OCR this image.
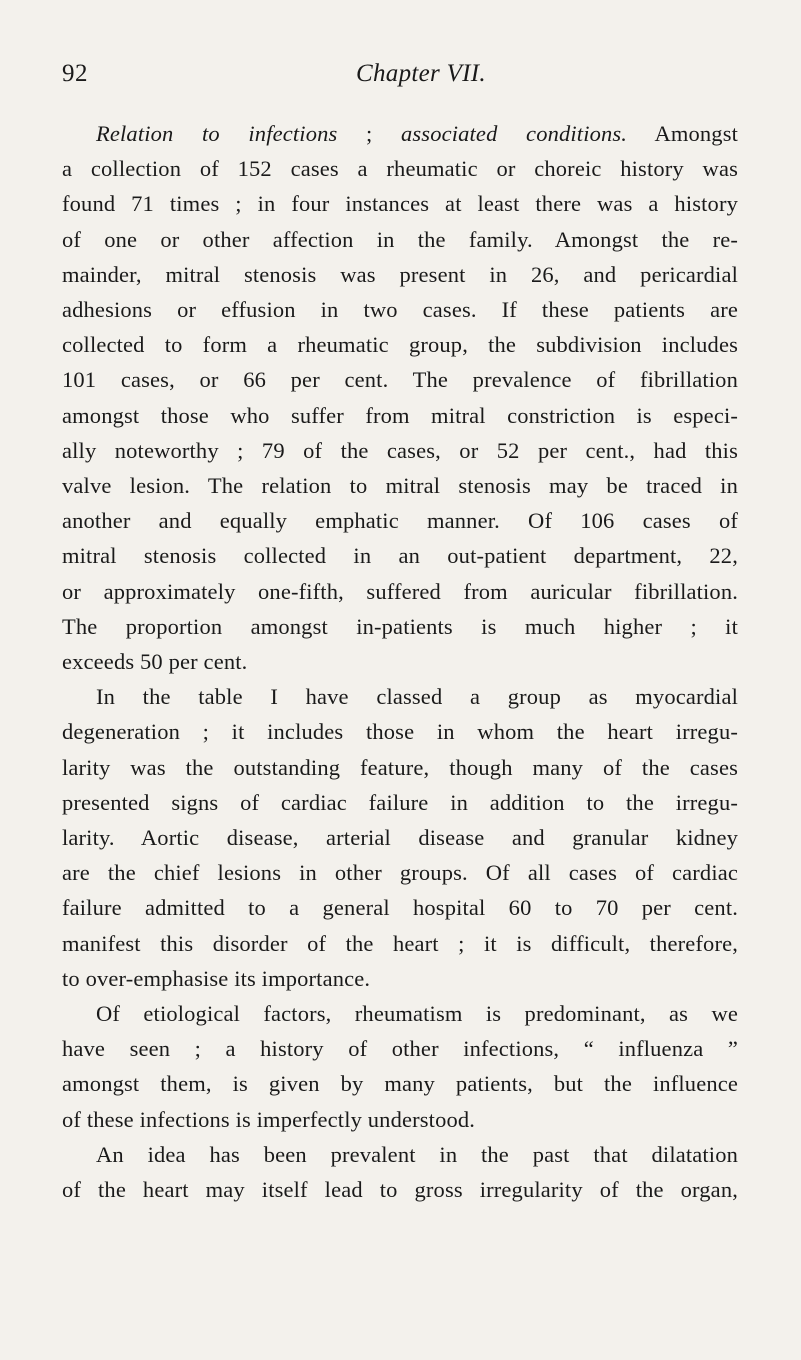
92	Chapter VII.
Relation to infections ; associated conditions. Amongst
a collection of 152 cases a rheumatic or choreic history was
found 71 times ; in four instances at least there was a history
of one or other affection in the family. Amongst the re-
mainder, mitral stenosis was present in 26, and pericardial
adhesions or effusion in two cases. If these patients are
collected to form a rheumatic group, the subdivision includes
101 cases, or 66 per cent. The prevalence of fibrillation
amongst those who suffer from mitral constriction is especi-
ally noteworthy ; 79 of the cases, or 52 per cent., had this
valve lesion. The relation to mitral stenosis may be traced in
another and equally emphatic manner. Of 106 cases of
mitral stenosis collected in an out-patient department, 22,
or approximately one-fifth, suffered from auricular fibrillation.
The proportion amongst in-patients is much higher ; it
exceeds 50 per cent.
In the table I have classed a group as myocardial
degeneration ; it includes those in whom the heart irregu-
larity was the outstanding feature, though many of the cases
presented signs of cardiac failure in addition to the irregu-
larity. Aortic disease, arterial disease and granular kidney
are the chief lesions in other groups. Of all cases of cardiac
failure admitted to a general hospital 60 to 70 per cent.
manifest this disorder of the heart ; it is difficult, therefore,
to over-emphasise its importance.
Of etiological factors, rheumatism is predominant, as we
have seen ; a history of other infections, “ influenza ”
amongst them, is given by many patients, but the influence
of these infections is imperfectly understood.
An idea has been prevalent in the past that dilatation
of the heart may itself lead to gross irregularity of the organ,
